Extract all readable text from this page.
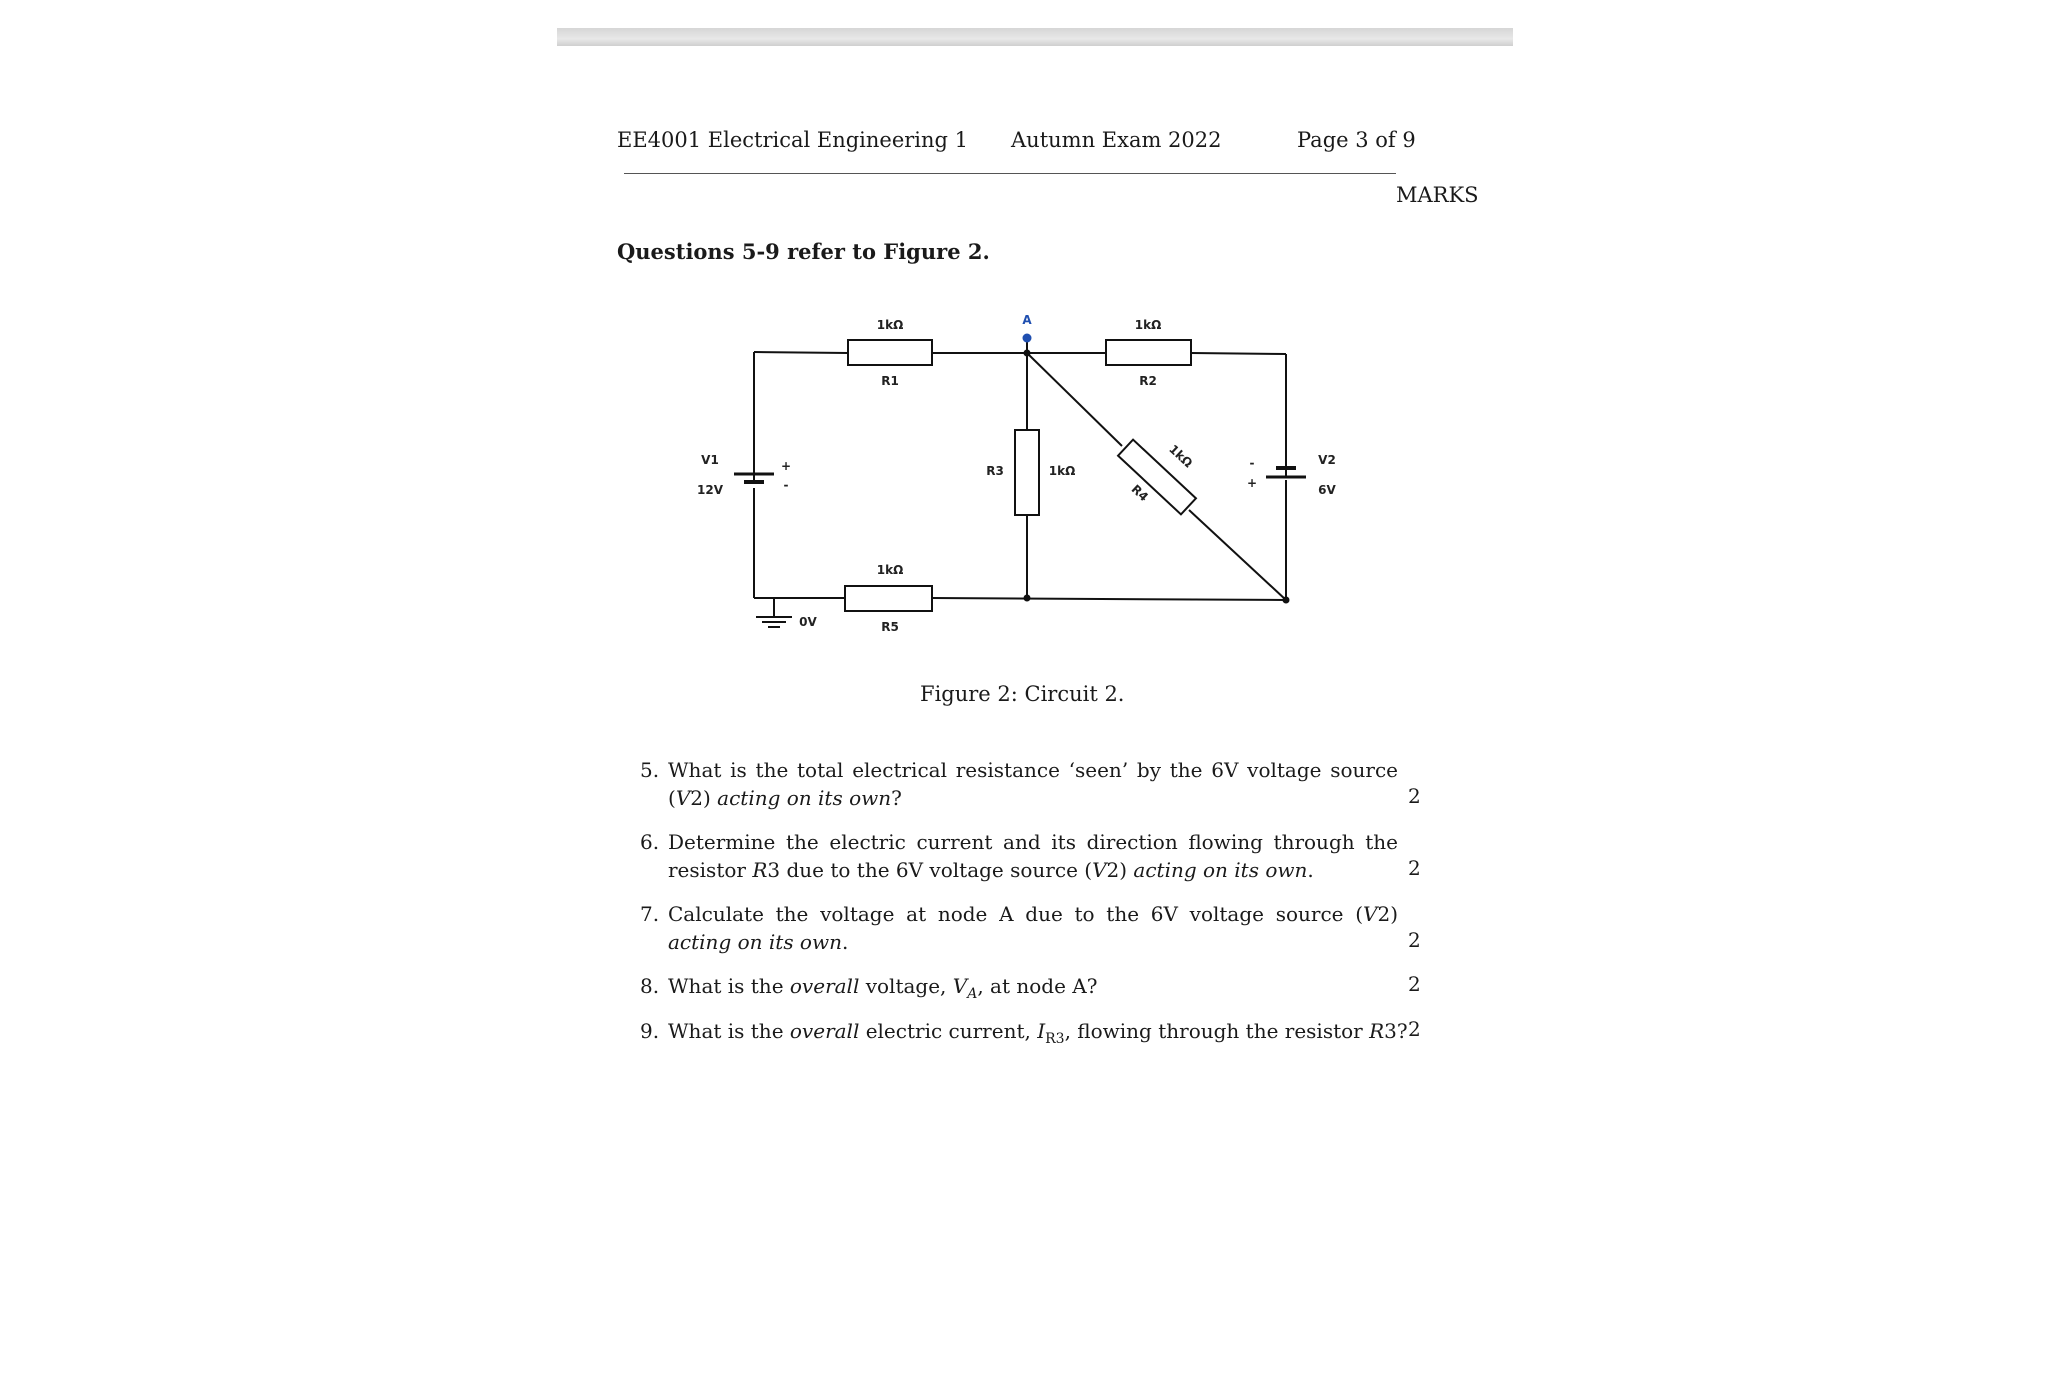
EE4001 Electrical Engineering 1 Autumn Exam 2022	Page 3 of 9
MARKS
Questions 5-9 refer to Figure 2.
A
1kΩ
R1
1kΩ
R2
R3	1kΩ
1kΩ
R4
1kΩ
R5
V1
12V
+
-
V2
6V
-
+
0V
Figure 2: Circuit 2.
5. What is the total electrical resistance ‘seen’ by the 6V voltage source (V2) acting on its own?	2
6. Determine the electric current and its direction flowing through the resistor R3 due to the 6V voltage source (V2) acting on its own.	2
7. Calculate the voltage at node A due to the 6V voltage source (V2) acting on its own.	2
8. What is the overall voltage, $V_A$, at node A?	2
9. What is the overall electric current, $I_{R3}$, flowing through the resistor R3? 2
